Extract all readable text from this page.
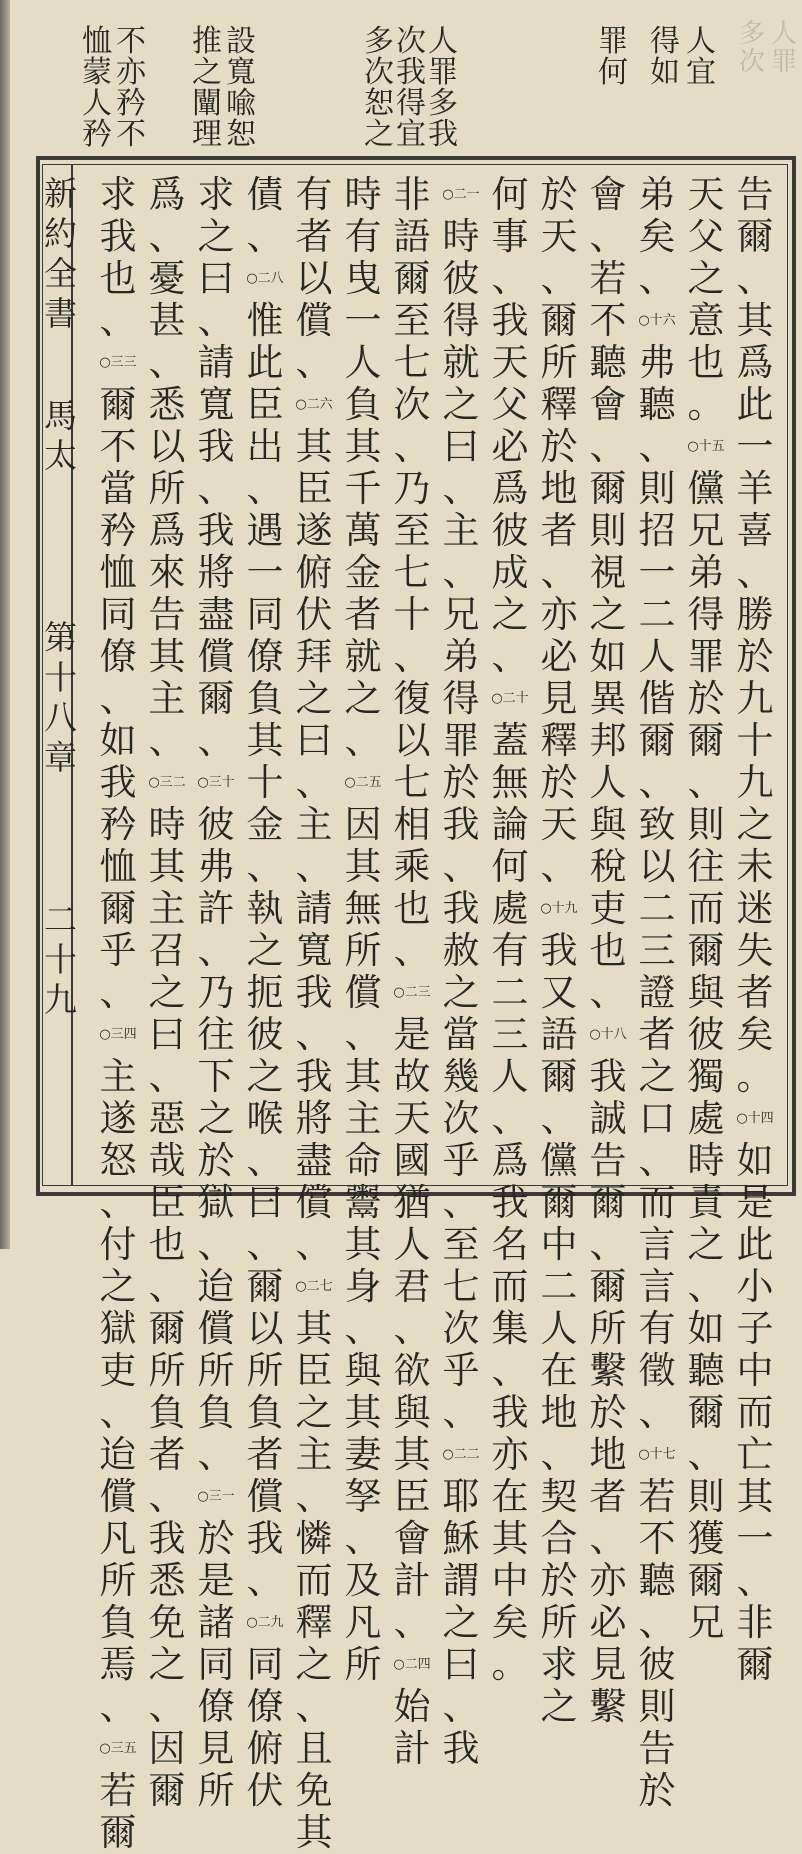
人
罪
多
次
人
宜
得
如
罪
何
人
罪
多
我
次
我
得
宜
多
次
恕
之
設
寬
喩
恕
推
之
闡
理
不
亦
矜
不
恤
蒙
人
矜
告
爾
、
其
爲
此
一
羊
喜
、
勝
於
九
十
九
之
未
迷
失
者
矣
。
○十四
如
是
此
小
子
中
而
亡
其
一
、
非
爾
天
父
之
意
也
。
○十五
儻
兄
弟
得
罪
於
爾
、
則
往
而
爾
與
彼
獨
處
時
責
之
、
如
聽
爾
、
則
獲
爾
兄
弟
矣
、
○十六
弗
聽
、
則
招
一
二
人
偕
爾
、
致
以
二
三
證
者
之
口
、
而
言
言
有
徵
、
○十七
若
不
聽
、
彼
則
告
於
會
、
若
不
聽
會
、
爾
則
視
之
如
異
邦
人
與
稅
吏
也
、
○十八
我
誠
告
爾
、
爾
所
繫
於
地
者
、
亦
必
見
繫
於
天
、
爾
所
釋
於
地
者
、
亦
必
見
釋
於
天
、
○十九
我
又
語
爾
、
儻
爾
中
二
人
在
地
、
契
合
於
所
求
之
何
事
、
我
天
父
必
爲
彼
成
之
、
○二十
蓋
無
論
何
處
有
二
三
人
、
爲
我
名
而
集
、
我
亦
在
其
中
矣
。
○二一
時
彼
得
就
之
曰
、
主
、
兄
弟
得
罪
於
我
、
我
赦
之
當
幾
次
乎
、
至
七
次
乎
、
○二二
耶
穌
謂
之
曰
、
我
非
語
爾
至
七
次
、
乃
至
七
十
、
復
以
七
相
乘
也
、
○二三
是
故
天
國
猶
人
君
、
欲
與
其
臣
會
計
、
○二四
始
計
時
有
曳
一
人
負
其
千
萬
金
者
就
之
、
○二五
因
其
無
所
償
、
其
主
命
鬻
其
身
、
與
其
妻
孥
、
及
凡
所
有
者
以
償
、
○二六
其
臣
遂
俯
伏
拜
之
曰
、
主
、
請
寬
我
、
我
將
盡
償
、
○二七
其
臣
之
主
、
憐
而
釋
之
、
且
免
其
債
、
○二八
惟
此
臣
出
、
遇
一
同
僚
負
其
十
金
、
執
之
扼
彼
之
喉
、
曰
、
爾
以
所
負
者
償
我
、
○二九
同
僚
俯
伏
求
之
曰
、
請
寬
我
、
我
將
盡
償
爾
、
○三十
彼
弗
許
、
乃
往
下
之
於
獄
、
迨
償
所
負
、
○三一
於
是
諸
同
僚
見
所
爲
、
憂
甚
、
悉
以
所
爲
來
告
其
主
、
○三二
時
其
主
召
之
曰
、
惡
哉
臣
也
、
爾
所
負
者
、
我
悉
免
之
、
因
爾
求
我
也
、
○三三
爾
不
當
矜
恤
同
僚
、
如
我
矜
恤
爾
乎
、
○三四
主
遂
怒
、
付
之
獄
吏
、
迨
償
凡
所
負
焉
、
○三五
若
爾
新
約
全
書
馬
太
第
十
八
章
二
十
九
